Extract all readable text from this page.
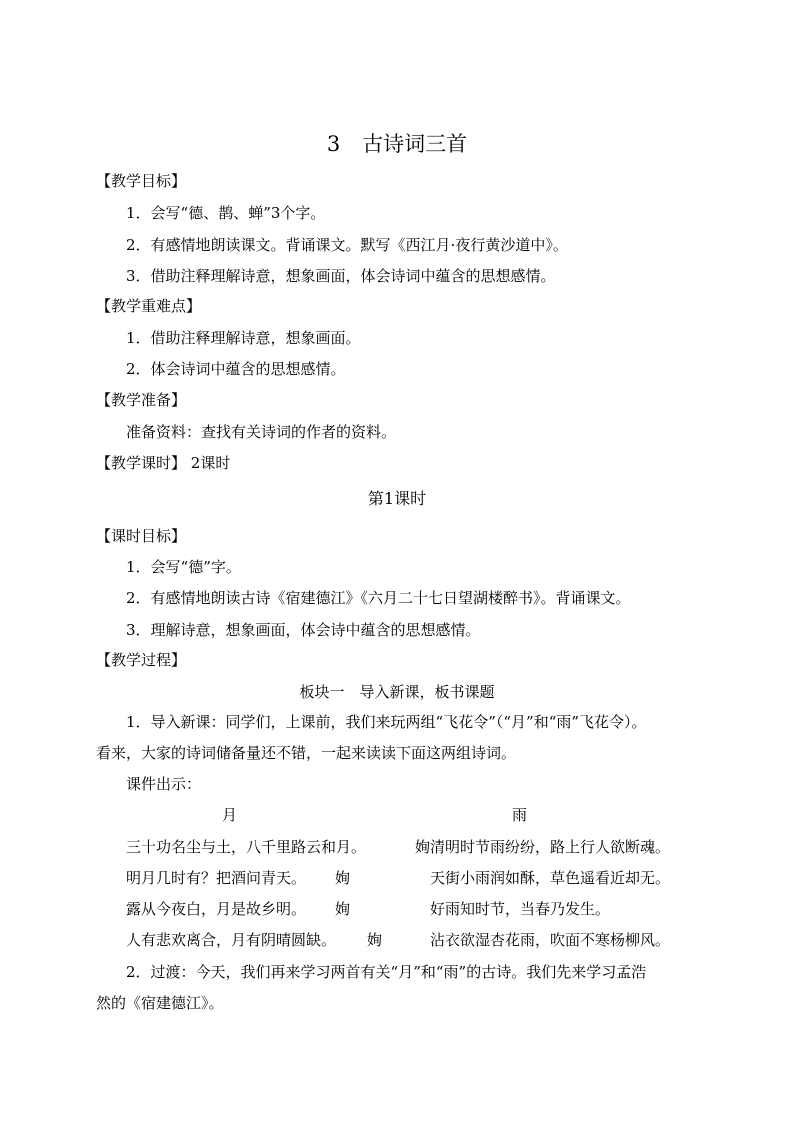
3 古诗词三首
【教学目标】
1．会写“德、鹊、蝉”3个字。
2．有感情地朗读课文。背诵课文。默写《西江月·夜行黄沙道中》。
3．借助注释理解诗意，想象画面，体会诗词中蕴含的思想感情。
【教学重难点】
1．借助注释理解诗意，想象画面。
2．体会诗词中蕴含的思想感情。
【教学准备】
准备资料：查找有关诗词的作者的资料。
【教学课时】 2课时
第1课时
【课时目标】
1．会写“德”字。
2．有感情地朗读古诗《宿建德江》《六月二十七日望湖楼醉书》。背诵课文。
3．理解诗意，想象画面，体会诗中蕴含的思想感情。
【教学过程】
板块一　导入新课，板书课题
1．导入新课：同学们，上课前，我们来玩两组“飞花令”（“月”和“雨”飞花令）。
看来，大家的诗词储备量还不错，一起来读读下面这两组诗词。
课件出示：
月	雨
三十功名尘与土，八千里路云和月。	姰清明时节雨纷纷，路上行人欲断魂。
明月几时有？把酒问青天。 姰	天街小雨润如酥，草色遥看近却无。
露从今夜白，月是故乡明。 姰	好雨知时节，当春乃发生。
人有悲欢离合，月有阴晴圆缺。 姰	沾衣欲湿杏花雨，吹面不寒杨柳风。
2．过渡：今天，我们再来学习两首有关“月”和“雨”的古诗。我们先来学习孟浩
然的《宿建德江》。
